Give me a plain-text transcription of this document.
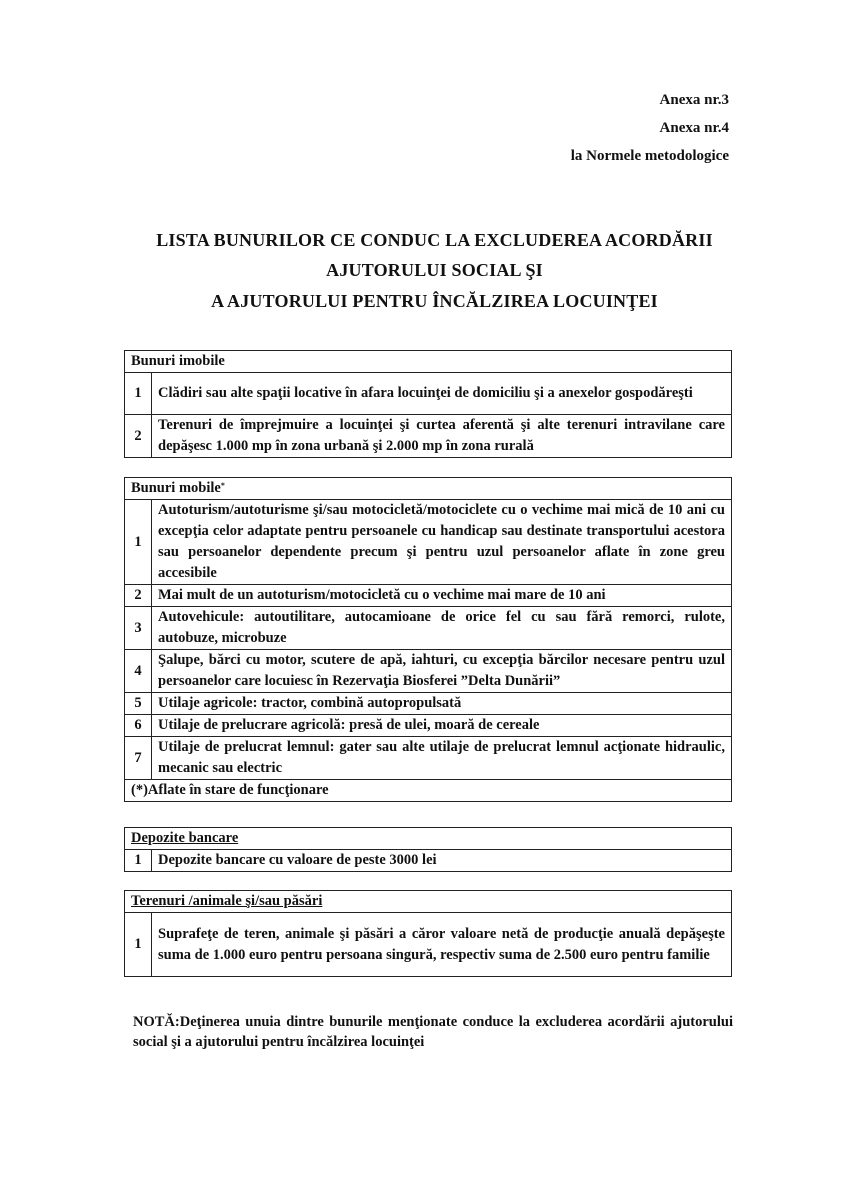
Anexa nr.3
Anexa nr.4
la Normele metodologice
LISTA BUNURILOR CE CONDUC LA EXCLUDEREA ACORDĂRII
AJUTORULUI SOCIAL ŞI
A AJUTORULUI PENTRU ÎNCĂLZIREA LOCUINŢEI
Bunuri imobile	
1	Clădiri sau alte spaţii locative în afara locuinţei de domiciliu şi a anexelor gospodăreşti
2	Terenuri de împrejmuire a locuinţei şi curtea aferentă şi alte terenuri intravilane care depăşesc 1.000 mp în zona urbană şi 2.000 mp în zona rurală
Bunuri mobile*
1	Autoturism/autoturisme şi/sau motocicletă/motociclete cu o vechime mai mică de 10 ani cu excepţia celor adaptate pentru persoanele cu handicap sau destinate transportului acestora sau persoanelor dependente precum şi pentru uzul persoanelor aflate în zone greu accesibile
2	Mai mult de un autoturism/motocicletă cu o vechime mai mare de 10 ani
3	Autovehicule: autoutilitare, autocamioane de orice fel cu sau fără remorci, rulote, autobuze, microbuze
4	Şalupe, bărci cu motor, scutere de apă, iahturi, cu excepţia bărcilor necesare pentru uzul persoanelor care locuiesc în Rezervaţia Biosferei ”Delta Dunării”
5	Utilaje agricole: tractor, combină autopropulsată
6	Utilaje de prelucrare agricolă: presă de ulei, moară de cereale
7	Utilaje de prelucrat lemnul: gater sau alte utilaje de prelucrat lemnul acţionate hidraulic, mecanic sau electric
(*)Aflate în stare de funcţionare	
Depozite bancare
1	Depozite bancare cu valoare de peste 3000 lei
Terenuri /animale şi/sau păsări
1	Suprafeţe de teren, animale şi păsări a căror valoare netă de producţie anuală depăşeşte suma de 1.000 euro pentru persoana singură, respectiv suma de 2.500 euro pentru familie
NOTĂ:Deţinerea unuia dintre bunurile menţionate conduce la excluderea acordării ajutorului social şi a ajutorului pentru încălzirea locuinţei
